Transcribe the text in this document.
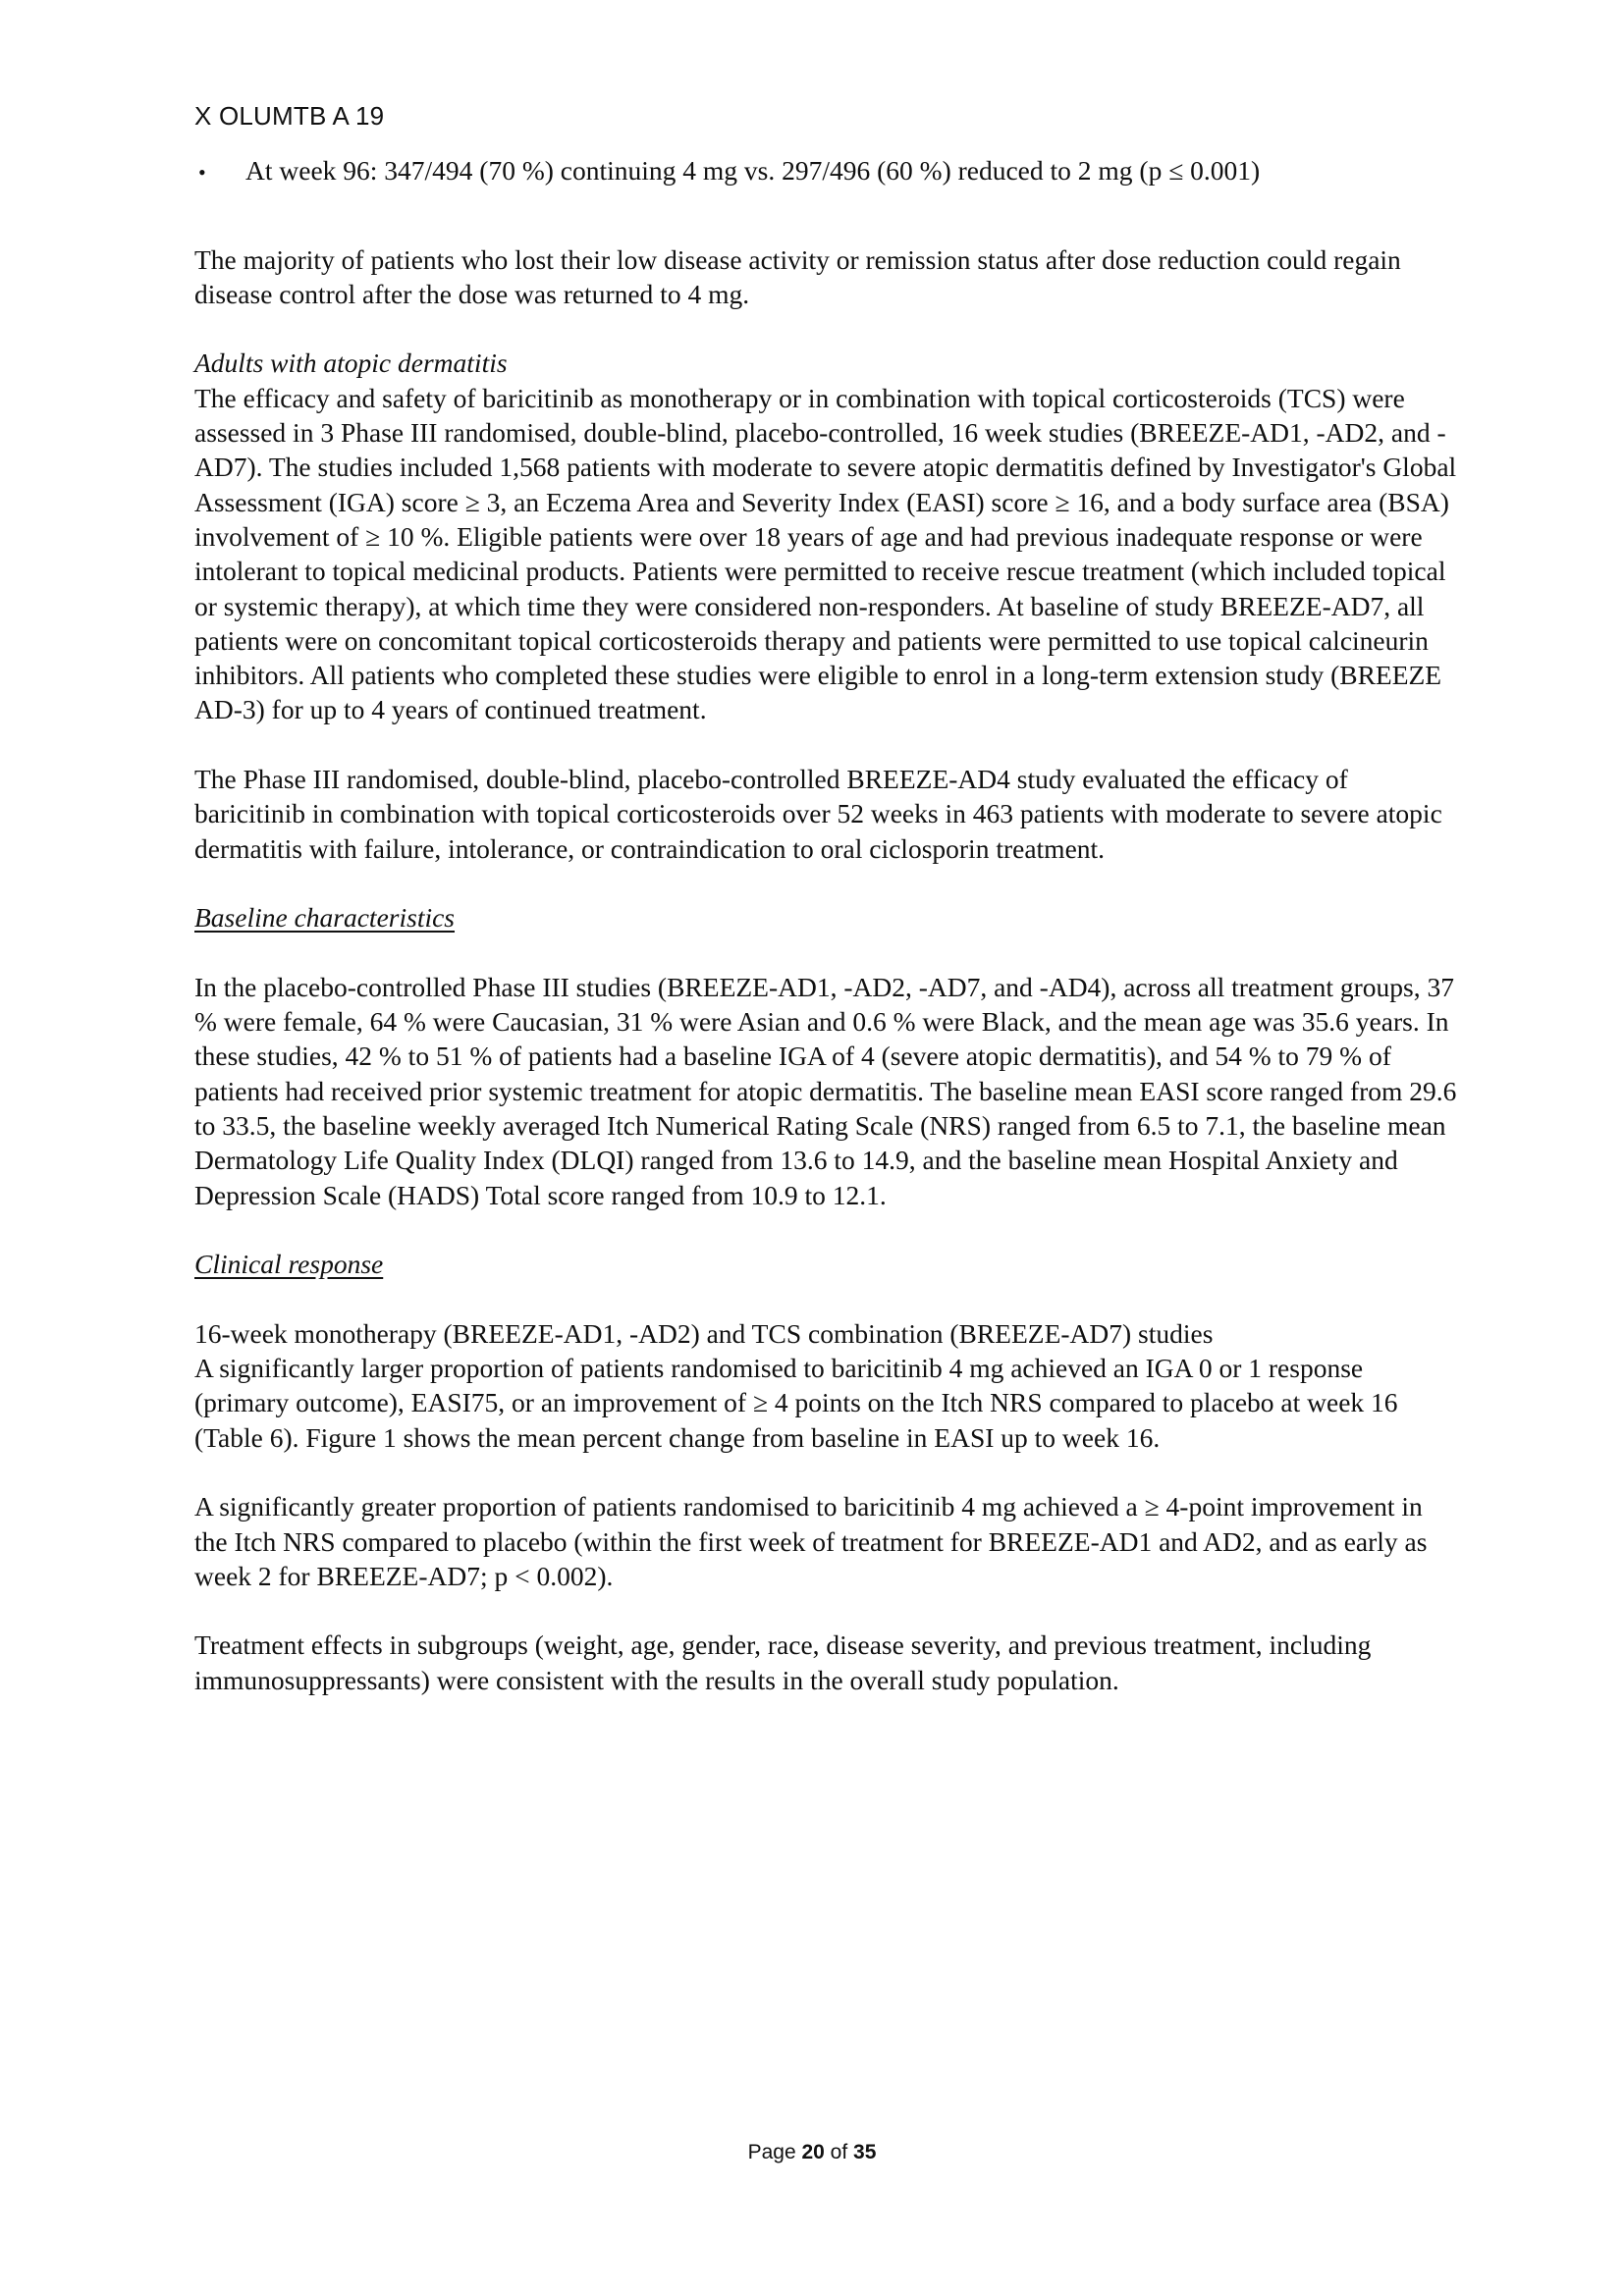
X OLUMTB A 19
•	At week 96: 347/494 (70 %) continuing 4 mg vs. 297/496 (60 %) reduced to 2 mg (p ≤ 0.001)

The majority of patients who lost their low disease activity or remission status after dose reduction could regain disease control after the dose was returned to 4 mg.

Adults with atopic dermatitis

The efficacy and safety of baricitinib as monotherapy or in combination with topical corticosteroids (TCS) were assessed in 3 Phase III randomised, double-blind, placebo-controlled, 16 week studies (BREEZE-AD1, -AD2, and -AD7). The studies included 1,568 patients with moderate to severe atopic dermatitis defined by Investigator's Global Assessment (IGA) score ≥ 3, an Eczema Area and Severity Index (EASI) score ≥ 16, and a body surface area (BSA) involvement of ≥ 10 %. Eligible patients were over 18 years of age and had previous inadequate response or were intolerant to topical medicinal products. Patients were permitted to receive rescue treatment (which included topical or systemic therapy), at which time they were considered non-responders. At baseline of study BREEZE-AD7, all patients were on concomitant topical corticosteroids therapy and patients were permitted to use topical calcineurin inhibitors. All patients who completed these studies were eligible to enrol in a long-term extension study (BREEZE AD-3) for up to 4 years of continued treatment.

The Phase III randomised, double-blind, placebo-controlled BREEZE-AD4 study evaluated the efficacy of baricitinib in combination with topical corticosteroids over 52 weeks in 463 patients with moderate to severe atopic dermatitis with failure, intolerance, or contraindication to oral ciclosporin treatment.

Baseline characteristics

In the placebo-controlled Phase III studies (BREEZE-AD1, -AD2, -AD7, and -AD4), across all treatment groups, 37 % were female, 64 % were Caucasian, 31 % were Asian and 0.6 % were Black, and the mean age was 35.6 years. In these studies, 42 % to 51 % of patients had a baseline IGA of 4 (severe atopic dermatitis), and 54 % to 79 % of patients had received prior systemic treatment for atopic dermatitis. The baseline mean EASI score ranged from 29.6 to 33.5, the baseline weekly averaged Itch Numerical Rating Scale (NRS) ranged from 6.5 to 7.1, the baseline mean Dermatology Life Quality Index (DLQI) ranged from 13.6 to 14.9, and the baseline mean Hospital Anxiety and Depression Scale (HADS) Total score ranged from 10.9 to 12.1.

Clinical response

16-week monotherapy (BREEZE-AD1, -AD2) and TCS combination (BREEZE-AD7) studies

A significantly larger proportion of patients randomised to baricitinib 4 mg achieved an IGA 0 or 1 response (primary outcome), EASI75, or an improvement of ≥ 4 points on the Itch NRS compared to placebo at week 16 (Table 6). Figure 1 shows the mean percent change from baseline in EASI up to week 16.

A significantly greater proportion of patients randomised to baricitinib 4 mg achieved a ≥ 4-point improvement in the Itch NRS compared to placebo (within the first week of treatment for BREEZE-AD1 and AD2, and as early as week 2 for BREEZE-AD7; p < 0.002).

Treatment effects in subgroups (weight, age, gender, race, disease severity, and previous treatment, including immunosuppressants) were consistent with the results in the overall study population.

Page 20 of 35
